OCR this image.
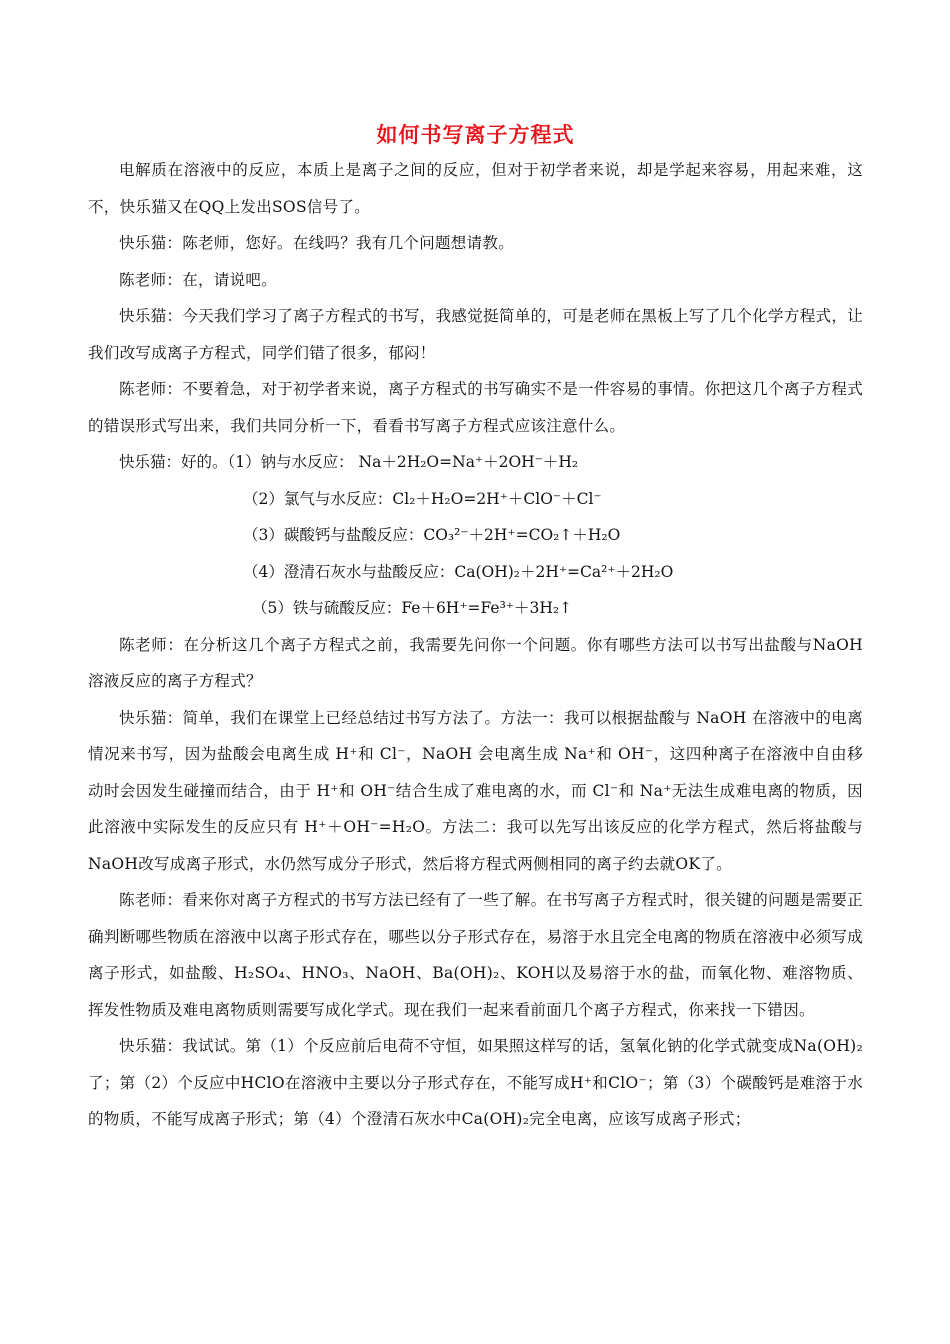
如何书写离子方程式

电解质在溶液中的反应，本质上是离子之间的反应，但对于初学者来说，却是学起来容易，用起来难，这不，快乐猫又在QQ上发出SOS信号了。

快乐猫：陈老师，您好。在线吗？我有几个问题想请教。

陈老师：在，请说吧。

快乐猫：今天我们学习了离子方程式的书写，我感觉挺简单的，可是老师在黑板上写了几个化学方程式，让我们改写成离子方程式，同学们错了很多，郁闷！

陈老师：不要着急，对于初学者来说，离子方程式的书写确实不是一件容易的事情。你把这几个离子方程式的错误形式写出来，我们共同分析一下，看看书写离子方程式应该注意什么。

快乐猫：好的。（1）钠与水反应： Na＋2H₂O=Na⁺＋2OH⁻＋H₂

（2）氯气与水反应：Cl₂＋H₂O=2H⁺＋ClO⁻＋Cl⁻

（3）碳酸钙与盐酸反应：CO₃²⁻＋2H⁺=CO₂↑＋H₂O

（4）澄清石灰水与盐酸反应：Ca(OH)₂＋2H⁺=Ca²⁺＋2H₂O

（5）铁与硫酸反应：Fe＋6H⁺=Fe³⁺＋3H₂↑

陈老师：在分析这几个离子方程式之前，我需要先问你一个问题。你有哪些方法可以书写出盐酸与NaOH溶液反应的离子方程式？

快乐猫：简单，我们在课堂上已经总结过书写方法了。方法一：我可以根据盐酸与 NaOH 在溶液中的电离情况来书写，因为盐酸会电离生成 H⁺和 Cl⁻，NaOH 会电离生成 Na⁺和 OH⁻，这四种离子在溶液中自由移动时会因发生碰撞而结合，由于 H⁺和 OH⁻结合生成了难电离的水，而 Cl⁻和 Na⁺无法生成难电离的物质，因此溶液中实际发生的反应只有 H⁺＋OH⁻=H₂O。方法二：我可以先写出该反应的化学方程式，然后将盐酸与NaOH改写成离子形式，水仍然写成分子形式，然后将方程式两侧相同的离子约去就OK了。

陈老师：看来你对离子方程式的书写方法已经有了一些了解。在书写离子方程式时，很关键的问题是需要正确判断哪些物质在溶液中以离子形式存在，哪些以分子形式存在，易溶于水且完全电离的物质在溶液中必须写成离子形式，如盐酸、H₂SO₄、HNO₃、NaOH、Ba(OH)₂、KOH以及易溶于水的盐，而氧化物、难溶物质、挥发性物质及难电离物质则需要写成化学式。现在我们一起来看前面几个离子方程式，你来找一下错因。

快乐猫：我试试。第（1）个反应前后电荷不守恒，如果照这样写的话，氢氧化钠的化学式就变成Na(OH)₂了；第（2）个反应中HClO在溶液中主要以分子形式存在，不能写成H⁺和ClO⁻；第（3）个碳酸钙是难溶于水的物质，不能写成离子形式；第（4）个澄清石灰水中Ca(OH)₂完全电离，应该写成离子形式；
